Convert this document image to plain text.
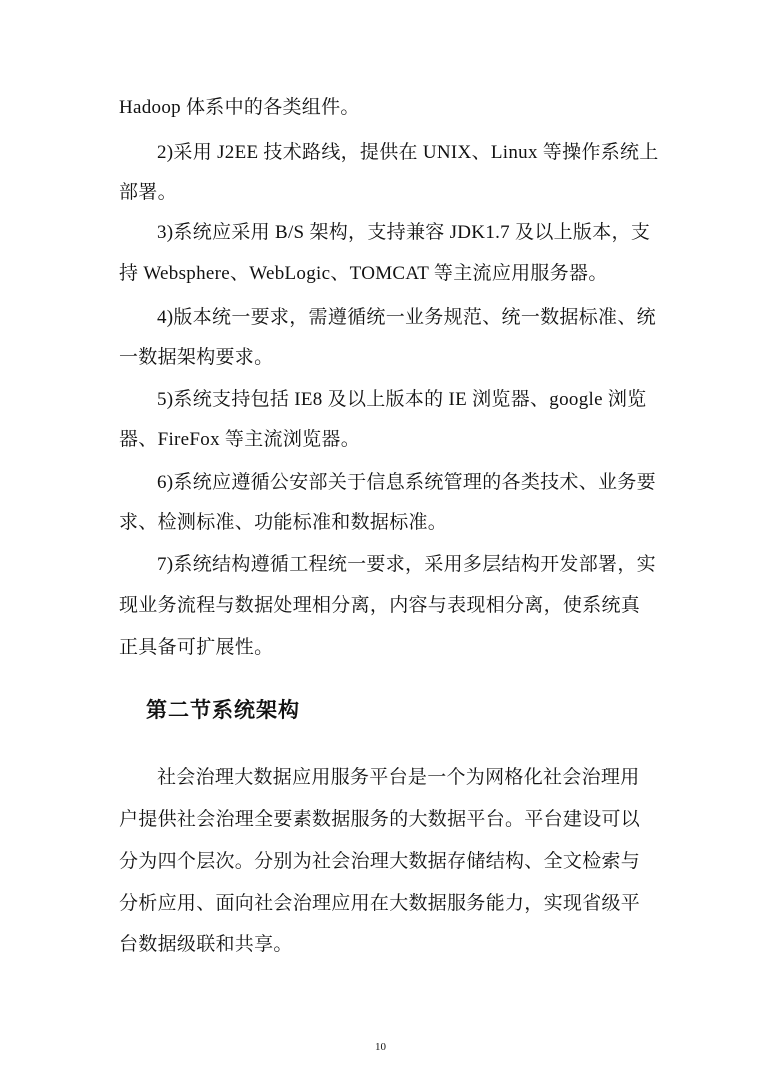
Hadoop 体系中的各类组件。
2)采用 J2EE 技术路线，提供在 UNIX、Linux 等操作系统上
部署。
3)系统应采用 B/S 架构，支持兼容 JDK1.7 及以上版本，支
持 Websphere、WebLogic、TOMCAT 等主流应用服务器。
4)版本统一要求，需遵循统一业务规范、统一数据标准、统
一数据架构要求。
5)系统支持包括 IE8 及以上版本的 IE 浏览器、google 浏览
器、FireFox 等主流浏览器。
6)系统应遵循公安部关于信息系统管理的各类技术、业务要
求、检测标准、功能标准和数据标准。
7)系统结构遵循工程统一要求，采用多层结构开发部署，实
现业务流程与数据处理相分离，内容与表现相分离，使系统真
正具备可扩展性。
第二节系统架构
社会治理大数据应用服务平台是一个为网格化社会治理用
户提供社会治理全要素数据服务的大数据平台。平台建设可以
分为四个层次。分别为社会治理大数据存储结构、全文检索与
分析应用、面向社会治理应用在大数据服务能力，实现省级平
台数据级联和共享。
10
